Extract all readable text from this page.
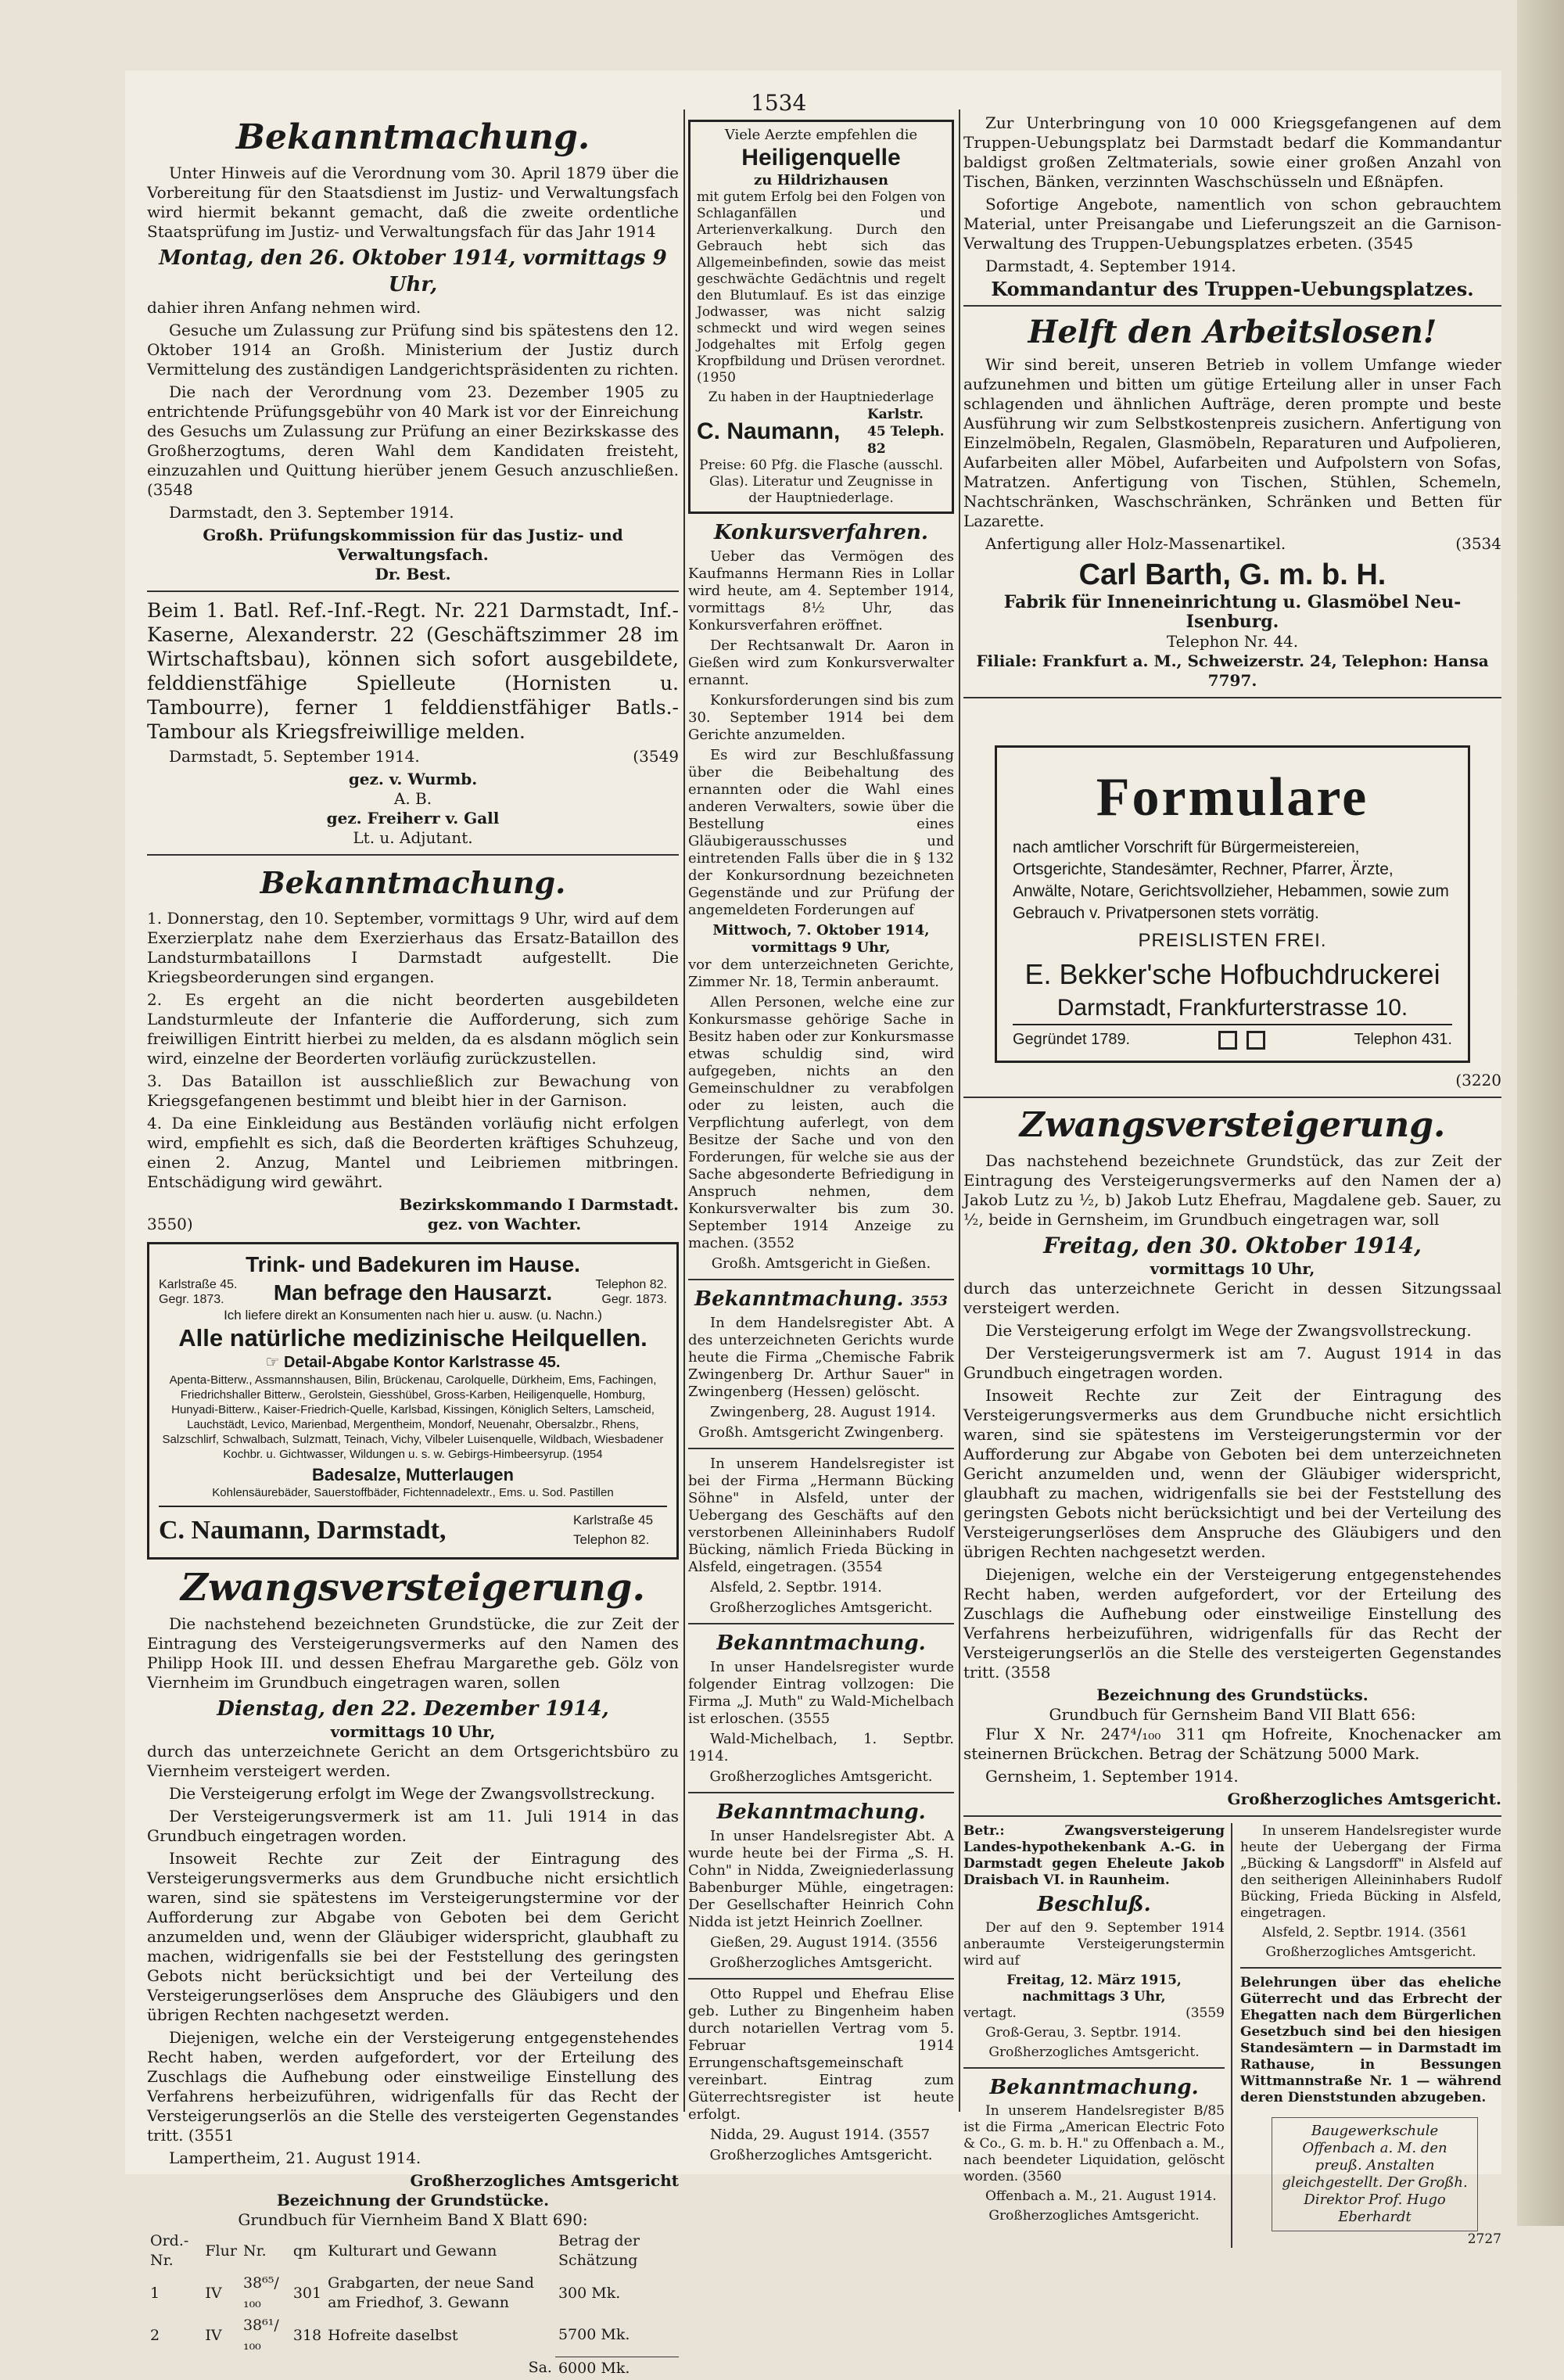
1534
Bekanntmachung.

Unter Hinweis auf die Verordnung vom 30. April 1879 über die Vorbereitung für den Staatsdienst im Justiz- und Verwaltungsfach wird hiermit bekannt gemacht, daß die zweite ordentliche Staatsprüfung im Justiz- und Verwaltungsfach für das Jahr 1914

Montag, den 26. Oktober 1914, vormittags 9 Uhr,

dahier ihren Anfang nehmen wird.

Gesuche um Zulassung zur Prüfung sind bis spätestens den 12. Oktober 1914 an Großh. Ministerium der Justiz durch Vermittelung des zuständigen Landgerichtspräsidenten zu richten.

Die nach der Verordnung vom 23. Dezember 1905 zu entrichtende Prüfungsgebühr von 40 Mark ist vor der Einreichung des Gesuchs um Zulassung zur Prüfung an einer Bezirkskasse des Großherzogtums, deren Wahl dem Kandidaten freisteht, einzuzahlen und Quittung hierüber jenem Gesuch anzuschließen. (3548

Darmstadt, den 3. September 1914.

Großh. Prüfungskommission für das Justiz- und Verwaltungsfach.
Dr. Best.

Beim 1. Batl. Ref.-Inf.-Regt. Nr. 221 Darmstadt, Inf.-Kaserne, Alexanderstr. 22 (Geschäftszimmer 28 im Wirtschaftsbau), können sich sofort ausgebildete, felddienstfähige Spielleute (Hornisten u. Tambourre), ferner 1 felddienstfähiger Batls.-Tambour als Kriegsfreiwillige melden.

Darmstadt, 5. September 1914.	(3549

gez. v. Wurmb.
A. B.
gez. Freiherr v. Gall
Lt. u. Adjutant.
Bekanntmachung.

1. Donnerstag, den 10. September, vormittags 9 Uhr, wird auf dem Exerzierplatz nahe dem Exerzierhaus das Ersatz-Bataillon des Landsturmbataillons I Darmstadt aufgestellt. Die Kriegsbeorderungen sind ergangen.

2. Es ergeht an die nicht beorderten ausgebildeten Landsturmleute der Infanterie die Aufforderung, sich zum freiwilligen Eintritt hierbei zu melden, da es alsdann möglich sein wird, einzelne der Beorderten vorläufig zurückzustellen.

3. Das Bataillon ist ausschließlich zur Bewachung von Kriegsgefangenen bestimmt und bleibt hier in der Garnison.

4. Da eine Einkleidung aus Beständen vorläufig nicht erfolgen wird, empfiehlt es sich, daß die Beorderten kräftiges Schuhzeug, einen 2. Anzug, Mantel und Leibriemen mitbringen. Entschädigung wird gewährt.

Bezirkskommando I Darmstadt.
3550)	gez. von Wachter.
Trink- und Badekuren im Hause.
Karlstraße 45. Gegr. 1873.	Man befrage den Hausarzt.	Telephon 82. Gegr. 1873.
Ich liefere direkt an Konsumenten nach hier u. ausw. (u. Nachn.)
Alle natürliche medizinische Heilquellen.
☞ Detail-Abgabe Kontor Karlstrasse 45.

Apenta-Bitterw., Assmannshausen, Bilin, Brückenau, Carolquelle, Dürkheim, Ems, Fachingen, Friedrichshaller Bitterw., Gerolstein, Giesshübel, Gross-Karben, Heiligenquelle, Homburg, Hunyadi-Bitterw., Kaiser-Friedrich-Quelle, Karlsbad, Kissingen, Königlich Selters, Lamscheid, Lauchstädt, Levico, Marienbad, Mergentheim, Mondorf, Neuenahr, Obersalzbr., Rhens, Salzschlirf, Schwalbach, Sulzmatt, Teinach, Vichy, Vilbeler Luisenquelle, Wildbach, Wiesbadener Kochbr. u. Gichtwasser, Wildungen u. s. w. Gebirgs-Himbeersyrup. (1954

Badesalze, Mutterlaugen
Kohlensäurebäder, Sauerstoffbäder, Fichtennadelextr., Ems. u. Sod. Pastillen
C. Naumann, Darmstadt,	Karlstraße 45 Telephon 82.
Zwangsversteigerung.

Die nachstehend bezeichneten Grundstücke, die zur Zeit der Eintragung des Versteigerungsvermerks auf den Namen des Philipp Hook III. und dessen Ehefrau Margarethe geb. Gölz von Viernheim im Grundbuch eingetragen waren, sollen

Dienstag, den 22. Dezember 1914,
vormittags 10 Uhr,

durch das unterzeichnete Gericht an dem Ortsgerichtsbüro zu Viernheim versteigert werden.

Die Versteigerung erfolgt im Wege der Zwangsvollstreckung.

Der Versteigerungsvermerk ist am 11. Juli 1914 in das Grundbuch eingetragen worden.

Insoweit Rechte zur Zeit der Eintragung des Versteigerungsvermerks aus dem Grundbuche nicht ersichtlich waren, sind sie spätestens im Versteigerungstermine vor der Aufforderung zur Abgabe von Geboten bei dem Gericht anzumelden und, wenn der Gläubiger widerspricht, glaubhaft zu machen, widrigenfalls sie bei der Feststellung des geringsten Gebots nicht berücksichtigt und bei der Verteilung des Versteigerungserlöses dem Anspruche des Gläubigers und den übrigen Rechten nachgesetzt werden.

Diejenigen, welche ein der Versteigerung entgegenstehendes Recht haben, werden aufgefordert, vor der Erteilung des Zuschlags die Aufhebung oder einstweilige Einstellung des Verfahrens herbeizuführen, widrigenfalls für das Recht der Versteigerungserlös an die Stelle des versteigerten Gegenstandes tritt. (3551

Lampertheim, 21. August 1914.

Großherzogliches Amtsgericht
Bezeichnung der Grundstücke.
Grundbuch für Viernheim Band X Blatt 690:
Ord.-Nr.	Flur	Nr.	qm	Kulturart und Gewann	Betrag der Schätzung
1	IV	38⁶⁵/₁₀₀	301	Grabgarten, der neue Sand am Friedhof, 3. Gewann	300 Mk.
2	IV	38⁶¹/₁₀₀	318	Hofreite daselbst	5700 Mk.
Sa.					6000 Mk.
Viele Aerzte empfehlen die
Heiligenquelle
zu Hildrizhausen

mit gutem Erfolg bei den Folgen von Schlaganfällen und Arterienverkalkung. Durch den Gebrauch hebt sich das Allgemeinbefinden, sowie das meist geschwächte Gedächtnis und regelt den Blutumlauf. Es ist das einzige Jodwasser, was nicht salzig schmeckt und wird wegen seines Jodgehaltes mit Erfolg gegen Kropfbildung und Drüsen verordnet. (1950

Zu haben in der Hauptniederlage
C. Naumann,
Karlstr. 45 Teleph. 82
Preise: 60 Pfg. die Flasche (ausschl. Glas). Literatur und Zeugnisse in der Hauptniederlage.
Konkursverfahren.

Ueber das Vermögen des Kaufmanns Hermann Ries in Lollar wird heute, am 4. September 1914, vormittags 8½ Uhr, das Konkursverfahren eröffnet.

Der Rechtsanwalt Dr. Aaron in Gießen wird zum Konkursverwalter ernannt.

Konkursforderungen sind bis zum 30. September 1914 bei dem Gerichte anzumelden.

Es wird zur Beschlußfassung über die Beibehaltung des ernannten oder die Wahl eines anderen Verwalters, sowie über die Bestellung eines Gläubigerausschusses und eintretenden Falls über die in § 132 der Konkursordnung bezeichneten Gegenstände und zur Prüfung der angemeldeten Forderungen auf

Mittwoch, 7. Oktober 1914, vormittags 9 Uhr,

vor dem unterzeichneten Gerichte, Zimmer Nr. 18, Termin anberaumt.

Allen Personen, welche eine zur Konkursmasse gehörige Sache in Besitz haben oder zur Konkursmasse etwas schuldig sind, wird aufgegeben, nichts an den Gemeinschuldner zu verabfolgen oder zu leisten, auch die Verpflichtung auferlegt, von dem Besitze der Sache und von den Forderungen, für welche sie aus der Sache abgesonderte Befriedigung in Anspruch nehmen, dem Konkursverwalter bis zum 30. September 1914 Anzeige zu machen. (3552

Großh. Amtsgericht in Gießen.
Bekanntmachung. 3553

In dem Handelsregister Abt. A des unterzeichneten Gerichts wurde heute die Firma „Chemische Fabrik Zwingenberg Dr. Arthur Sauer" in Zwingenberg (Hessen) gelöscht.

Zwingenberg, 28. August 1914.

Großh. Amtsgericht Zwingenberg.

In unserem Handelsregister ist bei der Firma „Hermann Bücking Söhne" in Alsfeld, unter der Uebergang des Geschäfts auf den verstorbenen Alleininhabers Rudolf Bücking, nämlich Frieda Bücking in Alsfeld, eingetragen. (3554

Alsfeld, 2. Septbr. 1914.

Großherzogliches Amtsgericht.
Bekanntmachung.

In unser Handelsregister wurde folgender Eintrag vollzogen: Die Firma „J. Muth" zu Wald-Michelbach ist erloschen. (3555

Wald-Michelbach, 1. Septbr. 1914.

Großherzogliches Amtsgericht.
Bekanntmachung.

In unser Handelsregister Abt. A wurde heute bei der Firma „S. H. Cohn" in Nidda, Zweigniederlassung Babenburger Mühle, eingetragen: Der Gesellschafter Heinrich Cohn Nidda ist jetzt Heinrich Zoellner.

Gießen, 29. August 1914. (3556

Großherzogliches Amtsgericht.

Otto Ruppel und Ehefrau Elise geb. Luther zu Bingenheim haben durch notariellen Vertrag vom 5. Februar 1914 Errungenschaftsgemeinschaft vereinbart. Eintrag zum Güterrechtsregister ist heute erfolgt.

Nidda, 29. August 1914. (3557

Großherzogliches Amtsgericht.

Zur Unterbringung von 10 000 Kriegsgefangenen auf dem Truppen-Uebungsplatz bei Darmstadt bedarf die Kommandantur baldigst großen Zeltmaterials, sowie einer großen Anzahl von Tischen, Bänken, verzinnten Waschschüsseln und Eßnäpfen.

Sofortige Angebote, namentlich von schon gebrauchtem Material, unter Preisangabe und Lieferungszeit an die Garnison-Verwaltung des Truppen-Uebungsplatzes erbeten. (3545

Darmstadt, 4. September 1914.

Kommandantur des Truppen-Uebungsplatzes.
Helft den Arbeitslosen!

Wir sind bereit, unseren Betrieb in vollem Umfange wieder aufzunehmen und bitten um gütige Erteilung aller in unser Fach schlagenden und ähnlichen Aufträge, deren prompte und beste Ausführung wir zum Selbstkostenpreis zusichern. Anfertigung von Einzelmöbeln, Regalen, Glasmöbeln, Reparaturen und Aufpolieren, Aufarbeiten aller Möbel, Aufarbeiten und Aufpolstern von Sofas, Matratzen. Anfertigung von Tischen, Stühlen, Schemeln, Nachtschränken, Waschschränken, Schränken und Betten für Lazarette.

Anfertigung aller Holz-Massenartikel.	(3534

Carl Barth, G. m. b. H.
Fabrik für Inneneinrichtung u. Glasmöbel Neu-Isenburg.
Telephon Nr. 44.
Filiale: Frankfurt a. M., Schweizerstr. 24, Telephon: Hansa 7797.
Formulare
nach amtlicher Vorschrift für Bürgermeistereien, Ortsgerichte, Standesämter, Rechner, Pfarrer, Ärzte, Anwälte, Notare, Gerichtsvollzieher, Hebammen, sowie zum Gebrauch v. Privatpersonen stets vorrätig.
PREISLISTEN FREI.
E. Bekker'sche Hofbuchdruckerei
Darmstadt, Frankfurterstrasse 10.
Gegründet 1789.	Telephon 431.
(3220
Zwangsversteigerung.

Das nachstehend bezeichnete Grundstück, das zur Zeit der Eintragung des Versteigerungsvermerks auf den Namen der a) Jakob Lutz zu ½, b) Jakob Lutz Ehefrau, Magdalene geb. Sauer, zu ½, beide in Gernsheim, im Grundbuch eingetragen war, soll

Freitag, den 30. Oktober 1914,
vormittags 10 Uhr,

durch das unterzeichnete Gericht in dessen Sitzungssaal versteigert werden.

Die Versteigerung erfolgt im Wege der Zwangsvollstreckung.

Der Versteigerungsvermerk ist am 7. August 1914 in das Grundbuch eingetragen worden.

Insoweit Rechte zur Zeit der Eintragung des Versteigerungsvermerks aus dem Grundbuche nicht ersichtlich waren, sind sie spätestens im Versteigerungstermin vor der Aufforderung zur Abgabe von Geboten bei dem unterzeichneten Gericht anzumelden und, wenn der Gläubiger widerspricht, glaubhaft zu machen, widrigenfalls sie bei der Feststellung des geringsten Gebots nicht berücksichtigt und bei der Verteilung des Versteigerungserlöses dem Anspruche des Gläubigers und den übrigen Rechten nachgesetzt werden.

Diejenigen, welche ein der Versteigerung entgegenstehendes Recht haben, werden aufgefordert, vor der Erteilung des Zuschlags die Aufhebung oder einstweilige Einstellung des Verfahrens herbeizuführen, widrigenfalls für das Recht der Versteigerungserlös an die Stelle des versteigerten Gegenstandes tritt. (3558

Bezeichnung des Grundstücks.
Grundbuch für Gernsheim Band VII Blatt 656:

Flur X Nr. 247⁴/₁₀₀ 311 qm Hofreite, Knochenacker am steinernen Brückchen. Betrag der Schätzung 5000 Mark.

Gernsheim, 1. September 1914.

Großherzogliches Amtsgericht.

Betr.: Zwangsversteigerung Landes-hypothekenbank A.-G. in Darmstadt gegen Eheleute Jakob Draisbach VI. in Raunheim.

Beschluß.

Der auf den 9. September 1914 anberaumte Versteigerungstermin wird auf

Freitag, 12. März 1915, nachmittags 3 Uhr,

vertagt.	(3559

Groß-Gerau, 3. Septbr. 1914.

Großherzogliches Amtsgericht.
Bekanntmachung.

In unserem Handelsregister B/85 ist die Firma „American Electric Foto & Co., G. m. b. H." zu Offenbach a. M., nach beendeter Liquidation, gelöscht worden. (3560

Offenbach a. M., 21. August 1914.

Großherzogliches Amtsgericht.

In unserem Handelsregister wurde heute der Uebergang der Firma „Bücking & Langsdorff" in Alsfeld auf den seitherigen Alleininhabers Rudolf Bücking, Frieda Bücking in Alsfeld, eingetragen.

Alsfeld, 2. Septbr. 1914. (3561

Großherzogliches Amtsgericht.

Belehrungen über das eheliche Güterrecht und das Erbrecht der Ehegatten nach dem Bürgerlichen Gesetzbuch sind bei den hiesigen Standesämtern — in Darmstadt im Rathause, in Bessungen Wittmannstraße Nr. 1 — während deren Dienststunden abzugeben.

Baugewerkschule Offenbach a. M. den preuß. Anstalten gleichgestellt. Der Großh. Direktor Prof. Hugo Eberhardt
2727
